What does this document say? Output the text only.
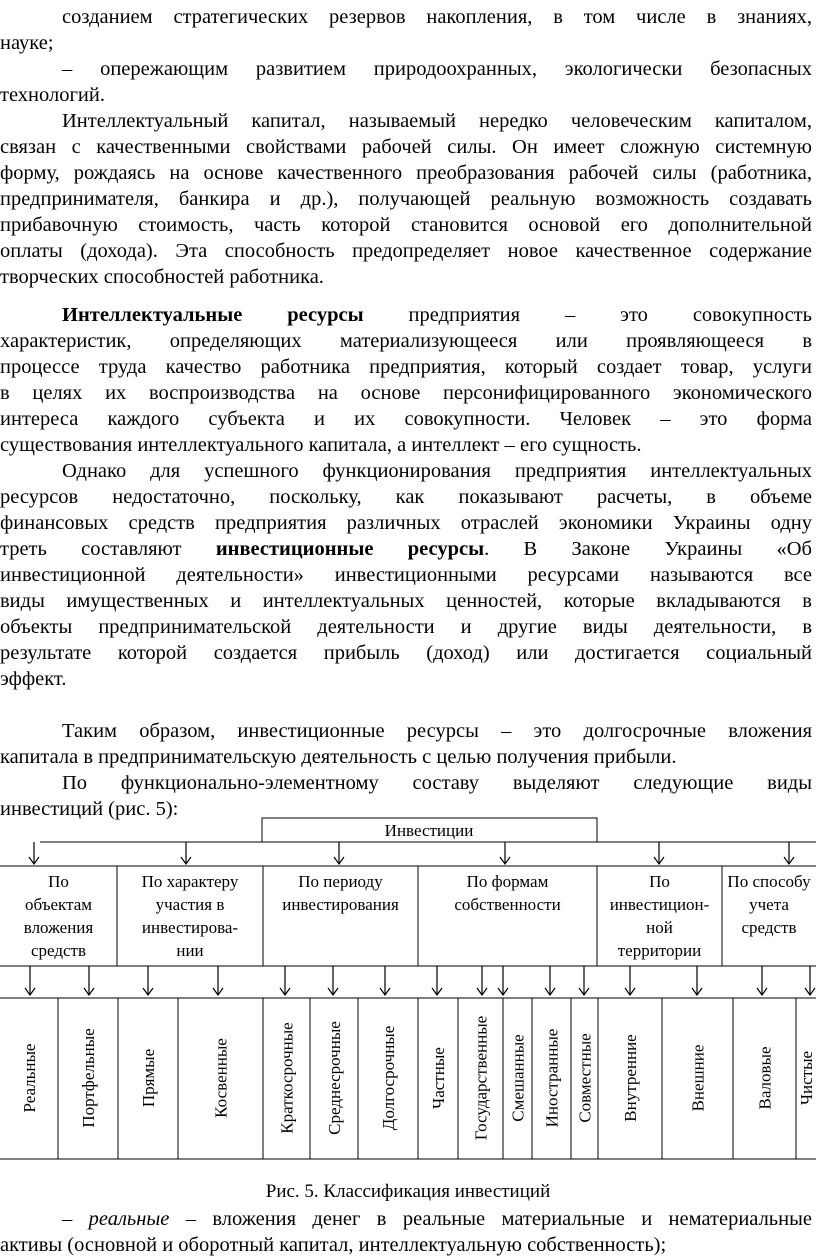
созданием стратегических резервов накопления, в том числе в знаниях,
науке;
– опережающим развитием природоохранных, экологически безопасных
технологий.
Интеллектуальный капитал, называемый нередко человеческим капиталом,
связан с качественными свойствами рабочей силы. Он имеет сложную системную
форму, рождаясь на основе качественного преобразования рабочей силы (работника,
предпринимателя, банкира и др.), получающей реальную возможность создавать
прибавочную стоимость, часть которой становится основой его дополнительной
оплаты (дохода). Эта способность предопределяет новое качественное содержание
творческих способностей работника.
Интеллектуальные ресурсы предприятия – это совокупность
характеристик, определяющих материализующееся или проявляющееся в
процессе труда качество работника предприятия, который создает товар, услуги
в целях их воспроизводства на основе персонифицированного экономического
интереса каждого субъекта и их совокупности. Человек – это форма
существования интеллектуального капитала, а интеллект – его сущность.
Однако для успешного функционирования предприятия интеллектуальных
ресурсов недостаточно, поскольку, как показывают расчеты, в объеме
финансовых средств предприятия различных отраслей экономики Украины одну
треть составляют инвестиционные ресурсы. В Законе Украины «Об
инвестиционной деятельности» инвестиционными ресурсами называются все
виды имущественных и интеллектуальных ценностей, которые вкладываются в
объекты предпринимательской деятельности и другие виды деятельности, в
результате которой создается прибыль (доход) или достигается социальный
эффект.
Таким образом, инвестиционные ресурсы – это долгосрочные вложения
капитала в предпринимательскую деятельность с целью получения прибыли.
По функционально-элементному составу выделяют следующие виды
инвестиций (рис. 5):
Инвестиции
Реальные Портфельные Прямые	Косвенные	Краткосрочные Среднесрочные Долгосрочные Частные Государственные Смешанные Иностранные Совместные Внутренние	Внешние	Валовые Чистые
По
объектам
вложения
средств
По характеру
участия в
инвестирова-
нии
По периоду
инвестирования
По формам
собственности
По
инвестицион-
ной
территории
По способу
учета
средств
Рис. 5. Классификация инвестиций
– реальные – вложения денег в реальные материальные и нематериальные
активы (основной и оборотный капитал, интеллектуальную собственность);
